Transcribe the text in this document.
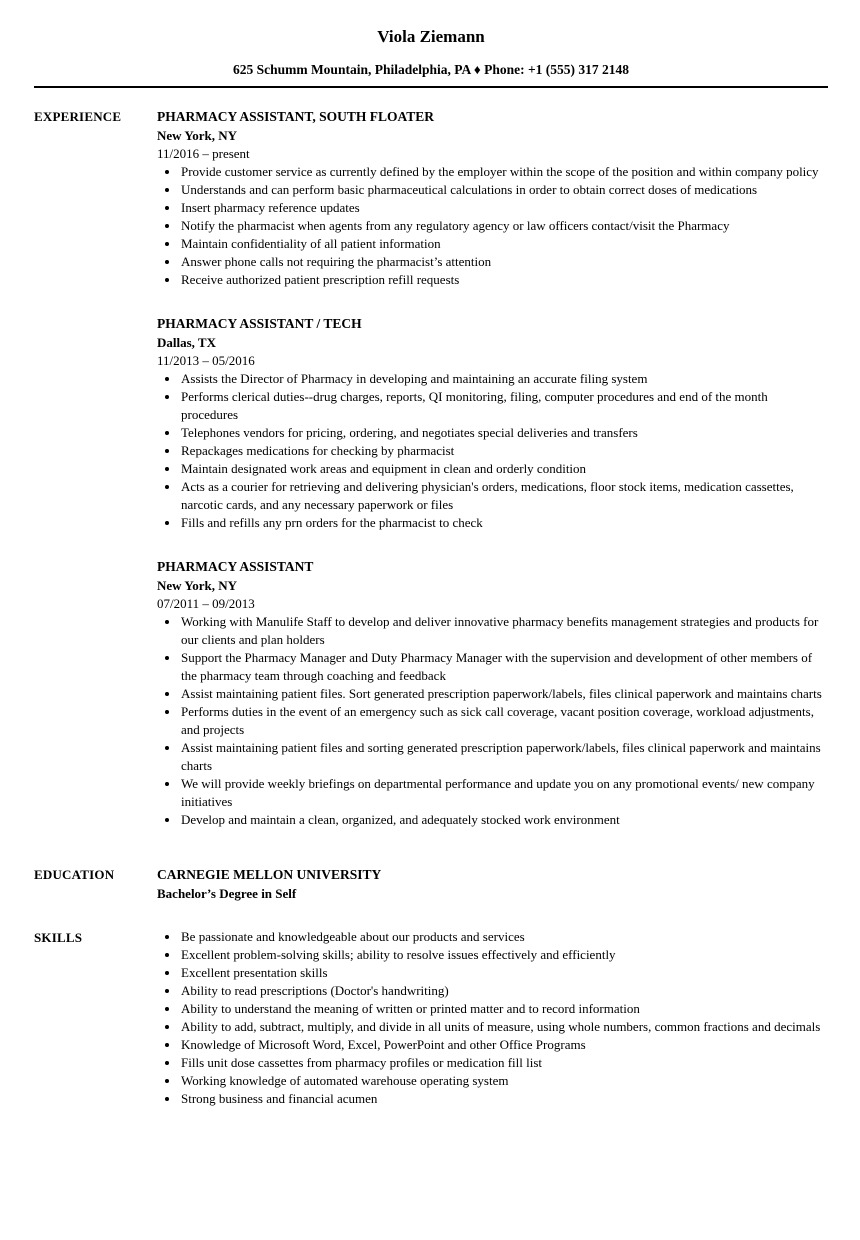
Viola Ziemann
625 Schumm Mountain, Philadelphia, PA ♦ Phone: +1 (555) 317 2148
EXPERIENCE	PHARMACY ASSISTANT, SOUTH FLOATER
New York, NY
11/2016 – present
• Provide customer service as currently defined by the employer within the scope of the position and within company policy
• Understands and can perform basic pharmaceutical calculations in order to obtain correct doses of medications
• Insert pharmacy reference updates
• Notify the pharmacist when agents from any regulatory agency or law officers contact/visit the Pharmacy
• Maintain confidentiality of all patient information
• Answer phone calls not requiring the pharmacist’s attention
• Receive authorized patient prescription refill requests
PHARMACY ASSISTANT / TECH
Dallas, TX
11/2013 – 05/2016
• Assists the Director of Pharmacy in developing and maintaining an accurate filing system
• Performs clerical duties--drug charges, reports, QI monitoring, filing, computer procedures and end of the month procedures
• Telephones vendors for pricing, ordering, and negotiates special deliveries and transfers
• Repackages medications for checking by pharmacist
• Maintain designated work areas and equipment in clean and orderly condition
• Acts as a courier for retrieving and delivering physician's orders, medications, floor stock items, medication cassettes, narcotic cards, and any necessary paperwork or files
• Fills and refills any prn orders for the pharmacist to check
PHARMACY ASSISTANT
New York, NY
07/2011 – 09/2013
• Working with Manulife Staff to develop and deliver innovative pharmacy benefits management strategies and products for our clients and plan holders
• Support the Pharmacy Manager and Duty Pharmacy Manager with the supervision and development of other members of the pharmacy team through coaching and feedback
• Assist maintaining patient files. Sort generated prescription paperwork/labels, files clinical paperwork and maintains charts
• Performs duties in the event of an emergency such as sick call coverage, vacant position coverage, workload adjustments, and projects
• Assist maintaining patient files and sorting generated prescription paperwork/labels, files clinical paperwork and maintains charts
• We will provide weekly briefings on departmental performance and update you on any promotional events/ new company initiatives
• Develop and maintain a clean, organized, and adequately stocked work environment
EDUCATION	CARNEGIE MELLON UNIVERSITY
Bachelor’s Degree in Self
SKILLS	• Be passionate and knowledgeable about our products and services
• Excellent problem-solving skills; ability to resolve issues effectively and efficiently
• Excellent presentation skills
• Ability to read prescriptions (Doctor's handwriting)
• Ability to understand the meaning of written or printed matter and to record information
• Ability to add, subtract, multiply, and divide in all units of measure, using whole numbers, common fractions and decimals
• Knowledge of Microsoft Word, Excel, PowerPoint and other Office Programs
• Fills unit dose cassettes from pharmacy profiles or medication fill list
• Working knowledge of automated warehouse operating system
• Strong business and financial acumen
